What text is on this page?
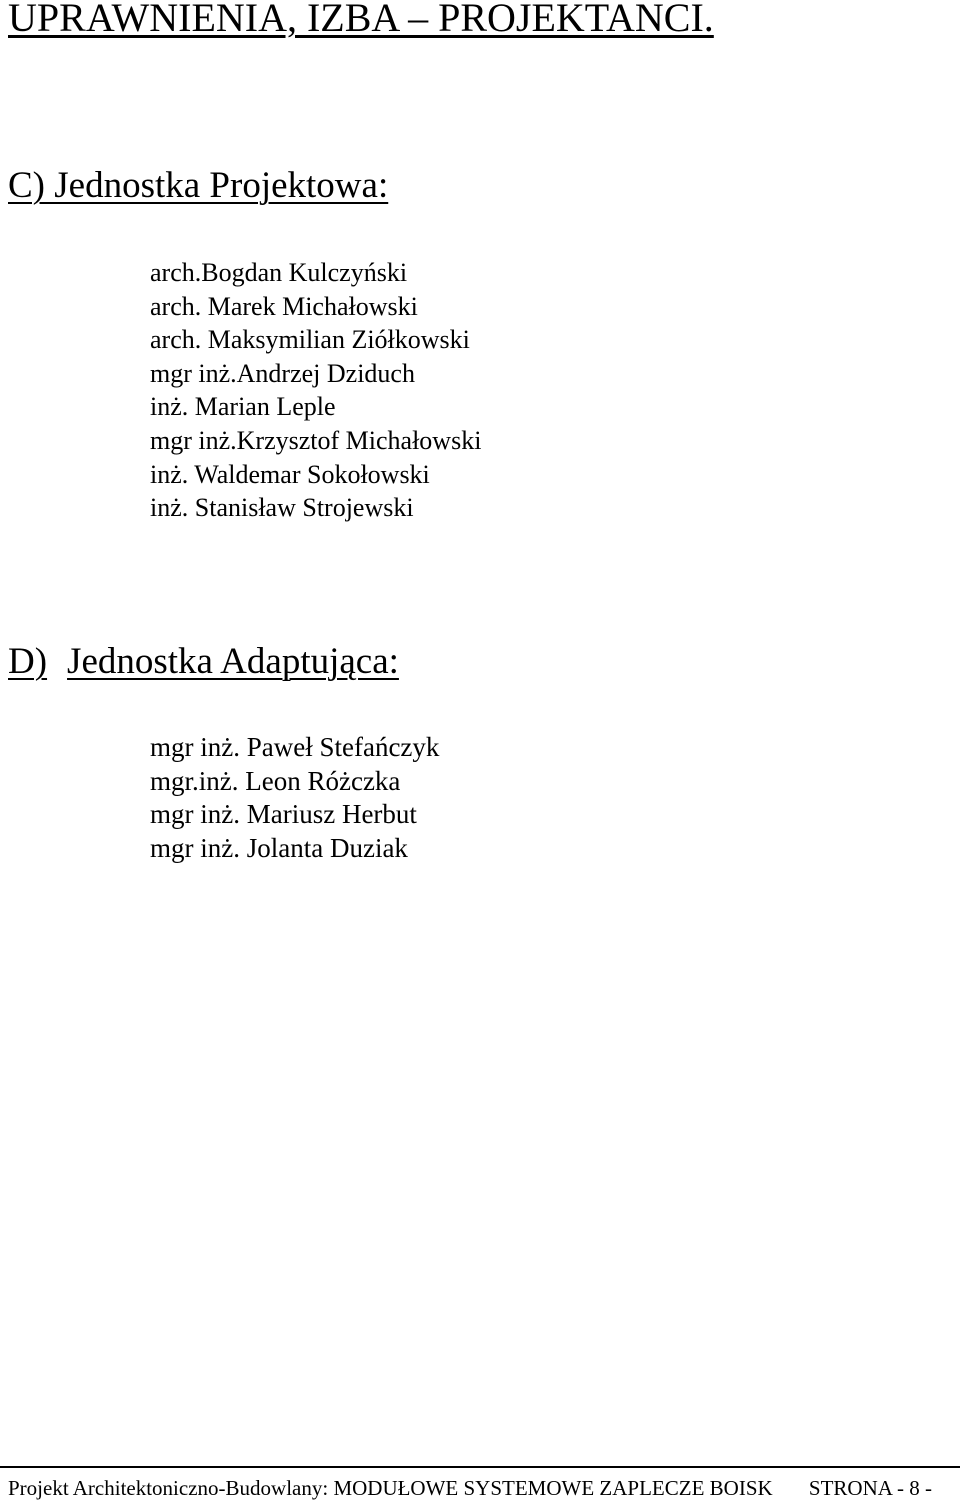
UPRAWNIENIA, IZBA – PROJEKTANCI.
C) Jednostka Projektowa:
arch.Bogdan Kulczyński
arch. Marek Michałowski
arch. Maksymilian Ziółkowski
mgr inż.Andrzej Dziduch
inż. Marian Leple
mgr inż.Krzysztof Michałowski
inż. Waldemar Sokołowski
inż. Stanisław Strojewski
D) Jednostka Adaptująca:
mgr inż. Paweł Stefańczyk
mgr.inż. Leon Różczka
mgr inż. Mariusz Herbut
mgr inż. Jolanta Duziak
Projekt Architektoniczno-Budowlany: MODUŁOWE SYSTEMOWE ZAPLECZE BOISK STRONA - 8 -
